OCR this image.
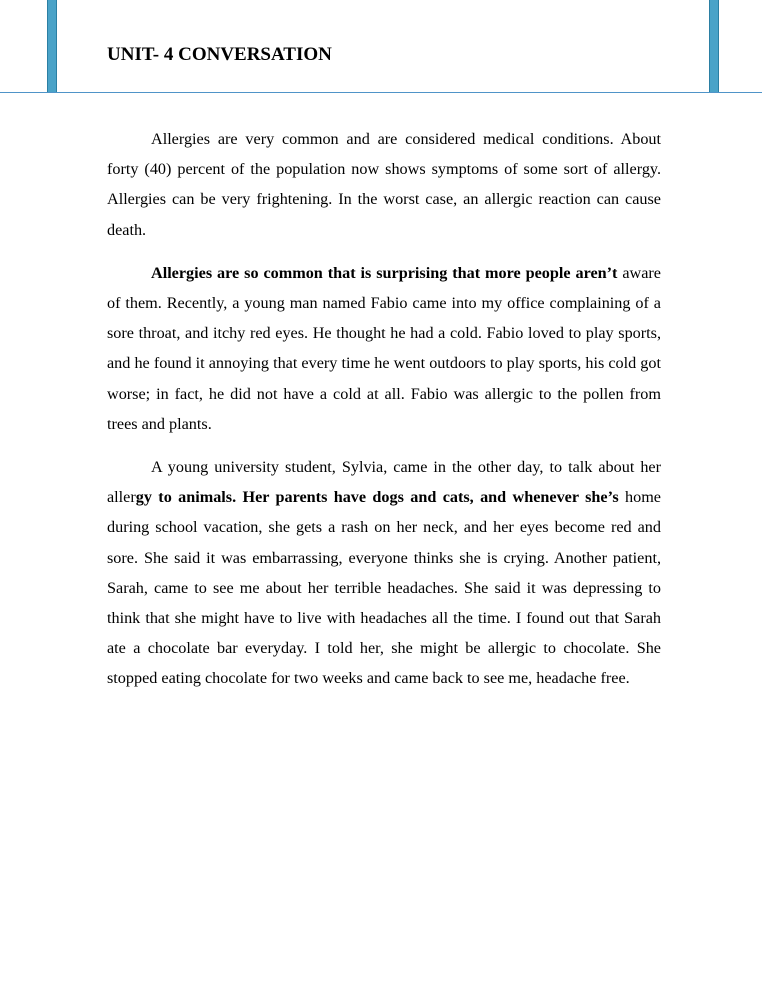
UNIT- 4 CONVERSATION

Allergies are very common and are considered medical conditions. About forty (40) percent of the population now shows symptoms of some sort of allergy. Allergies can be very frightening. In the worst case, an allergic reaction can cause death.

Allergies are so common that is surprising that more people aren’t aware of them. Recently, a young man named Fabio came into my office complaining of a sore throat, and itchy red eyes. He thought he had a cold. Fabio loved to play sports, and he found it annoying that every time he went outdoors to play sports, his cold got worse; in fact, he did not have a cold at all. Fabio was allergic to the pollen from trees and plants.

A young university student, Sylvia, came in the other day, to talk about her allergy to animals. Her parents have dogs and cats, and whenever she’s home during school vacation, she gets a rash on her neck, and her eyes become red and sore. She said it was embarrassing, everyone thinks she is crying. Another patient, Sarah, came to see me about her terrible headaches. She said it was depressing to think that she might have to live with headaches all the time. I found out that Sarah ate a chocolate bar everyday. I told her, she might be allergic to chocolate. She stopped eating chocolate for two weeks and came back to see me, headache free.
